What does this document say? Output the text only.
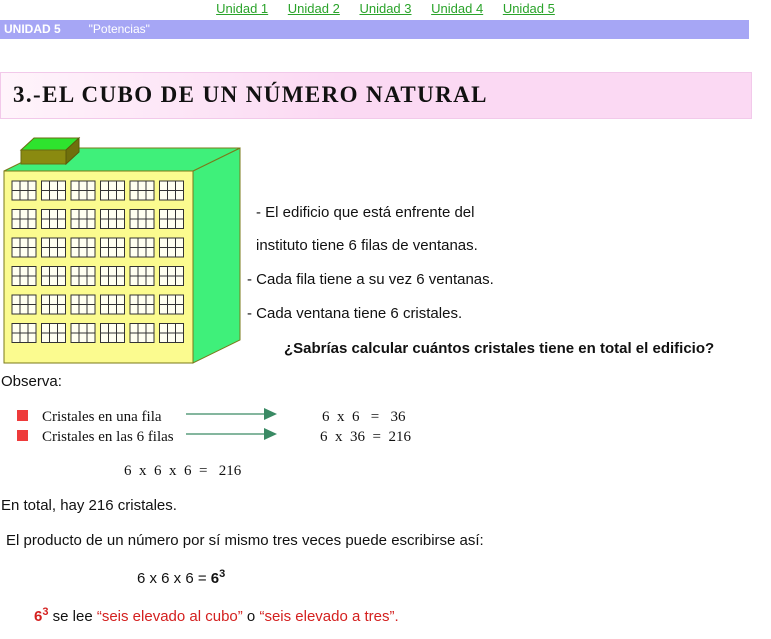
Unidad 1 Unidad 2 Unidad 3 Unidad 4 Unidad 5
UNIDAD 5 "Potencias"
3.-EL CUBO DE UN NÚMERO NATURAL
- El edificio que está enfrente del
instituto tiene 6 filas de ventanas.
- Cada fila tiene a su vez 6 ventanas.
- Cada ventana tiene 6 cristales.
¿Sabrías calcular cuántos cristales tiene en total el edificio?
Observa:
Cristales en una fila	6  x  6   =   36
Cristales en las 6 filas	6  x  36  =  216
6  x  6  x  6  =   216
En total, hay 216 cristales.
El producto de un número por sí mismo tres veces puede escribirse así:
6 x 6 x $6 = 6^3$
$6^3$ se lee “seis elevado al cubo” o “seis elevado a tres”.
